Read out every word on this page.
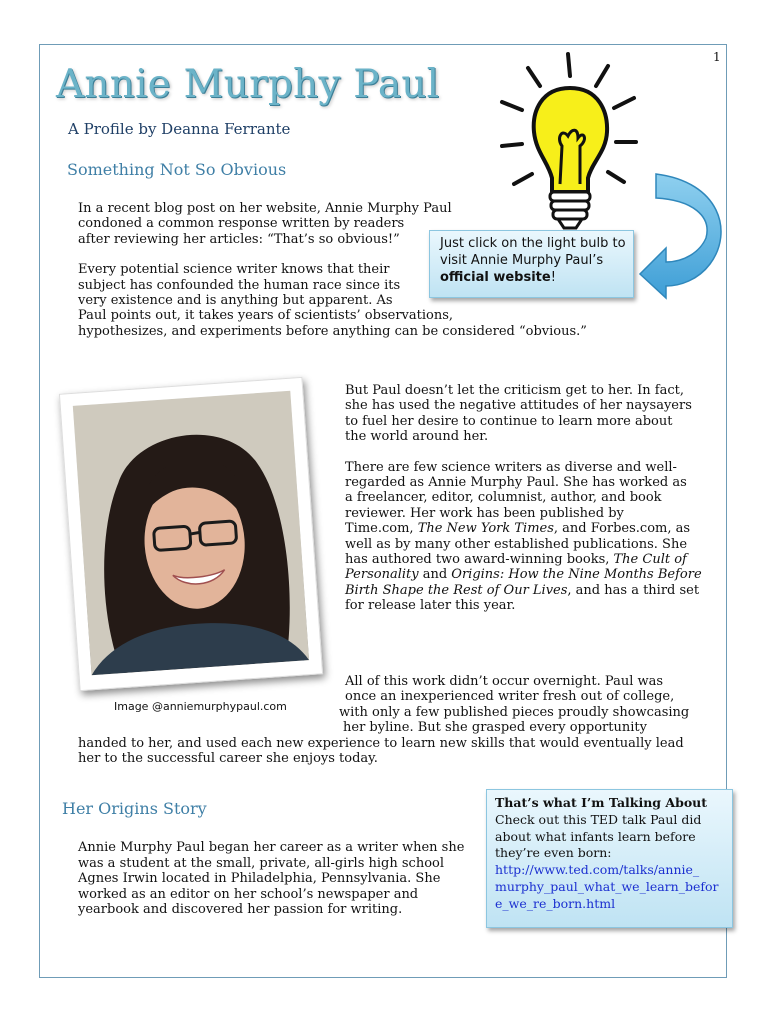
1
Annie Murphy Paul
A Profile by Deanna Ferrante
Just click on the light bulb to
visit Annie Murphy Paul’s
official website!
Something Not So Obvious

In a recent blog post on her website, Annie Murphy Paul
condoned a common response written by readers
after reviewing her articles: “That’s so obvious!”

Every potential science writer knows that their
subject has confounded the human race since its
very existence and is anything but apparent. As
Paul points out, it takes years of scientists’ observations,
hypothesizes, and experiments before anything can be considered “obvious.”

Image @anniemurphypaul.com

But Paul doesn’t let the criticism get to her. In fact,
she has used the negative attitudes of her naysayers
to fuel her desire to continue to learn more about
the world around her.

There are few science writers as diverse and well-
regarded as Annie Murphy Paul. She has worked as
a freelancer, editor, columnist, author, and book
reviewer. Her work has been published by
Time.com, The New York Times, and Forbes.com, as
well as by many other established publications. She
has authored two award-winning books, The Cult of
Personality and Origins: How the Nine Months Before
Birth Shape the Rest of Our Lives, and has a third set
for release later this year.

All of this work didn’t occur overnight. Paul was
once an inexperienced writer fresh out of college,
with only a few published pieces proudly showcasing
her byline. But she grasped every opportunity
handed to her, and used each new experience to learn new skills that would eventually lead
her to the successful career she enjoys today.
Her Origins Story
Annie Murphy Paul began her career as a writer when she
was a student at the small, private, all-girls high school
Agnes Irwin located in Philadelphia, Pennsylvania. She
worked as an editor on her school’s newspaper and
yearbook and discovered her passion for writing.
That’s what I’m Talking About
Check out this TED talk Paul did
about what infants learn before
they’re even born:
http://www.ted.com/talks/annie_
murphy_paul_what_we_learn_befor
e_we_re_born.html
